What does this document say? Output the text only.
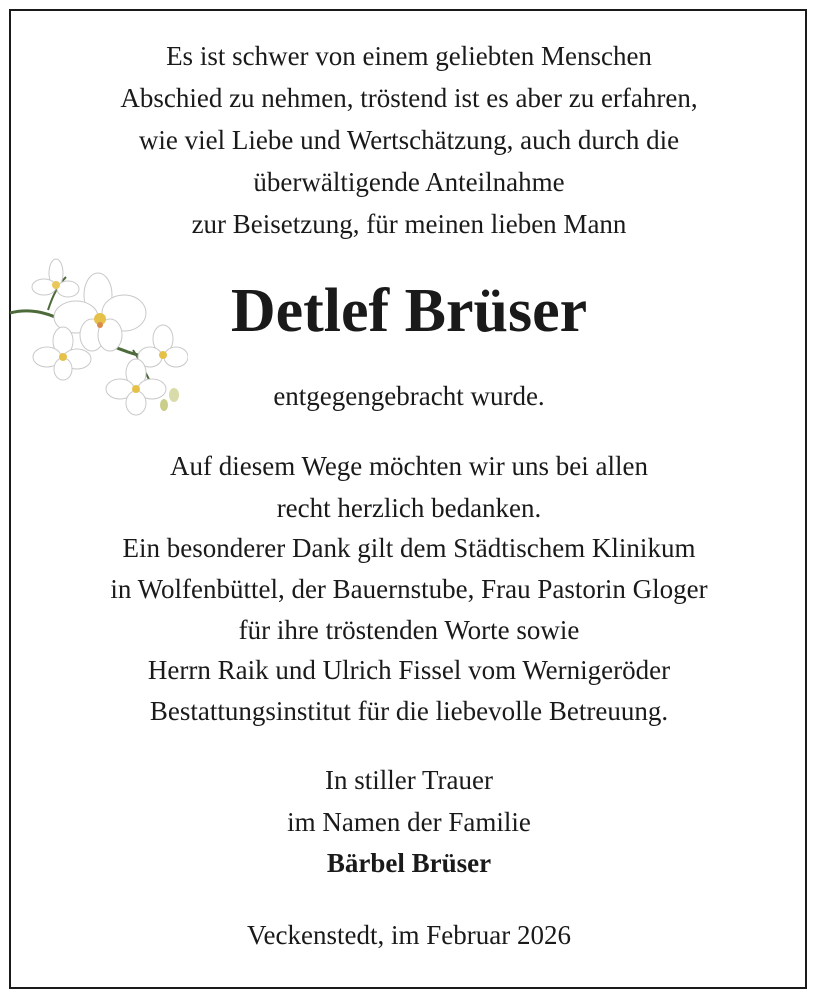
Es ist schwer von einem geliebten Menschen
Abschied zu nehmen, tröstend ist es aber zu erfahren,
wie viel Liebe und Wertschätzung, auch durch die
überwältigende Anteilnahme
zur Beisetzung, für meinen lieben Mann
Detlef Brüser
entgegengebracht wurde.
Auf diesem Wege möchten wir uns bei allen
recht herzlich bedanken.
Ein besonderer Dank gilt dem Städtischem Klinikum
in Wolfenbüttel, der Bauernstube, Frau Pastorin Gloger
für ihre tröstenden Worte sowie
Herrn Raik und Ulrich Fissel vom Wernigeröder
Bestattungsinstitut für die liebevolle Betreuung.
In stiller Trauer
im Namen der Familie
Bärbel Brüser
Veckenstedt, im Februar 2026
